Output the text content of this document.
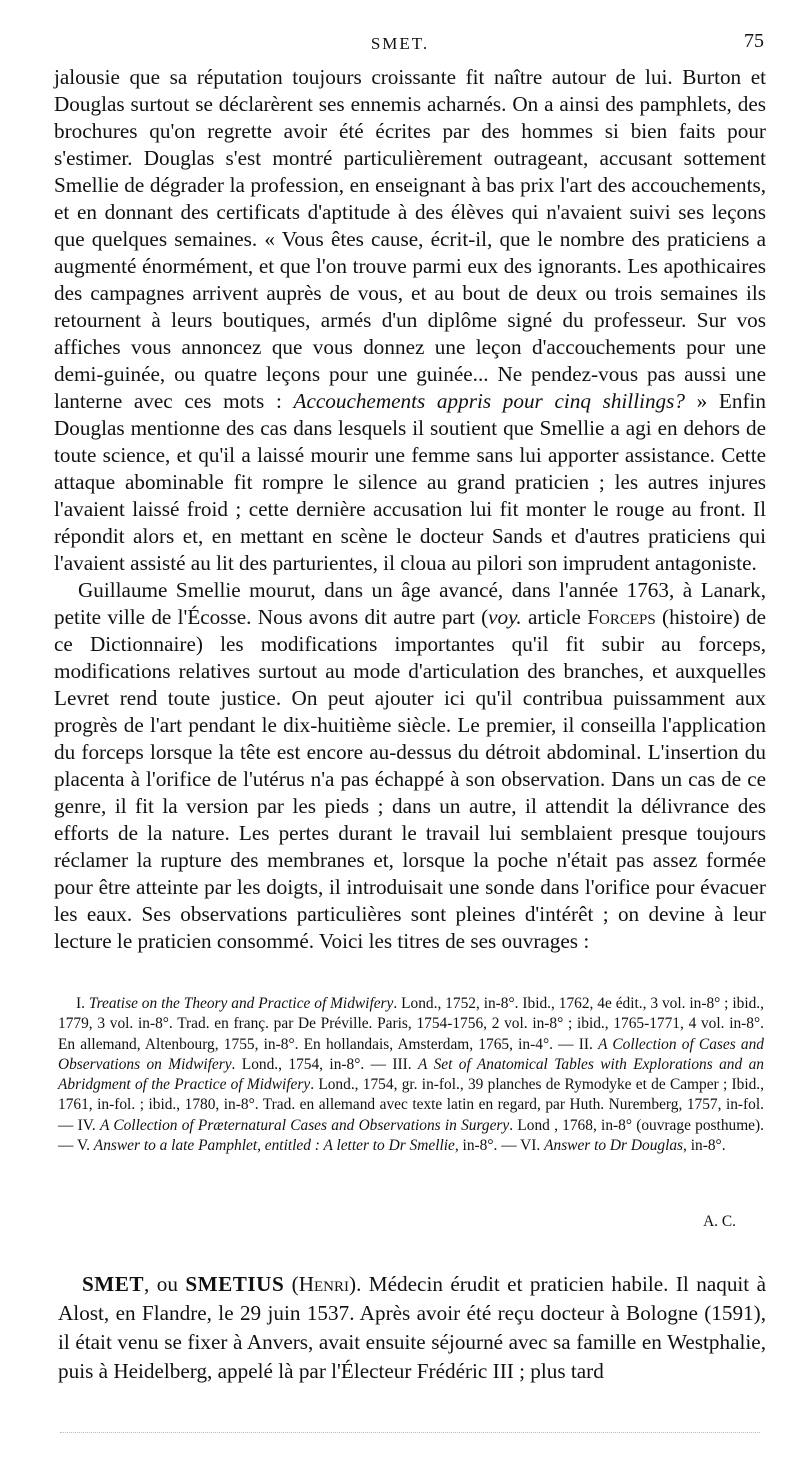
SMET.	75

jalousie que sa réputation toujours croissante fit naître autour de lui. Burton et Douglas surtout se déclarèrent ses ennemis acharnés. On a ainsi des pamphlets, des brochures qu'on regrette avoir été écrites par des hommes si bien faits pour s'estimer. Douglas s'est montré particulièrement outrageant, accusant sottement Smellie de dégrader la profession, en enseignant à bas prix l'art des accouchements, et en donnant des certificats d'aptitude à des élèves qui n'avaient suivi ses leçons que quelques semaines. « Vous êtes cause, écrit-il, que le nombre des praticiens a augmenté énormément, et que l'on trouve parmi eux des ignorants. Les apothicaires des campagnes arrivent auprès de vous, et au bout de deux ou trois semaines ils retournent à leurs boutiques, armés d'un diplôme signé du professeur. Sur vos affiches vous annoncez que vous donnez une leçon d'accouchements pour une demi-guinée, ou quatre leçons pour une guinée... Ne pendez-vous pas aussi une lanterne avec ces mots : Accouchements appris pour cinq shillings? » Enfin Douglas mentionne des cas dans lesquels il soutient que Smellie a agi en dehors de toute science, et qu'il a laissé mourir une femme sans lui apporter assistance. Cette attaque abominable fit rompre le silence au grand praticien ; les autres injures l'avaient laissé froid ; cette dernière accusation lui fit monter le rouge au front. Il répondit alors et, en mettant en scène le docteur Sands et d'autres praticiens qui l'avaient assisté au lit des parturientes, il cloua au pilori son imprudent antagoniste.

Guillaume Smellie mourut, dans un âge avancé, dans l'année 1763, à Lanark, petite ville de l'Écosse. Nous avons dit autre part (voy. article Forceps (histoire) de ce Dictionnaire) les modifications importantes qu'il fit subir au forceps, modifications relatives surtout au mode d'articulation des branches, et auxquelles Levret rend toute justice. On peut ajouter ici qu'il contribua puissamment aux progrès de l'art pendant le dix-huitième siècle. Le premier, il conseilla l'application du forceps lorsque la tête est encore au-dessus du détroit abdominal. L'insertion du placenta à l'orifice de l'utérus n'a pas échappé à son observation. Dans un cas de ce genre, il fit la version par les pieds ; dans un autre, il attendit la délivrance des efforts de la nature. Les pertes durant le travail lui semblaient presque toujours réclamer la rupture des membranes et, lorsque la poche n'était pas assez formée pour être atteinte par les doigts, il introduisait une sonde dans l'orifice pour évacuer les eaux. Ses observations particulières sont pleines d'intérêt ; on devine à leur lecture le praticien consommé. Voici les titres de ses ouvrages :

I. Treatise on the Theory and Practice of Midwifery. Lond., 1752, in-8°. Ibid., 1762, 4e édit., 3 vol. in-8° ; ibid., 1779, 3 vol. in-8°. Trad. en franç. par De Préville. Paris, 1754-1756, 2 vol. in-8° ; ibid., 1765-1771, 4 vol. in-8°. En allemand, Altenbourg, 1755, in-8°. En hollandais, Amsterdam, 1765, in-4°. — II. A Collection of Cases and Observations on Midwifery. Lond., 1754, in-8°. — III. A Set of Anatomical Tables with Explorations and an Abridgment of the Practice of Midwifery. Lond., 1754, gr. in-fol., 39 planches de Rymodyke et de Camper ; Ibid., 1761, in-fol. ; ibid., 1780, in-8°. Trad. en allemand avec texte latin en regard, par Huth. Nuremberg, 1757, in-fol. — IV. A Collection of Præternatural Cases and Observations in Surgery. Lond , 1768, in-8° (ouvrage posthume). — V. Answer to a late Pamphlet, entitled : A letter to Dr Smellie, in-8°. — VI. Answer to Dr Douglas, in-8°.

A. C.

SMET, ou SMETIUS (Henri). Médecin érudit et praticien habile. Il naquit à Alost, en Flandre, le 29 juin 1537. Après avoir été reçu docteur à Bologne (1591), il était venu se fixer à Anvers, avait ensuite séjourné avec sa famille en Westphalie, puis à Heidelberg, appelé là par l'Électeur Frédéric III ; plus tard
